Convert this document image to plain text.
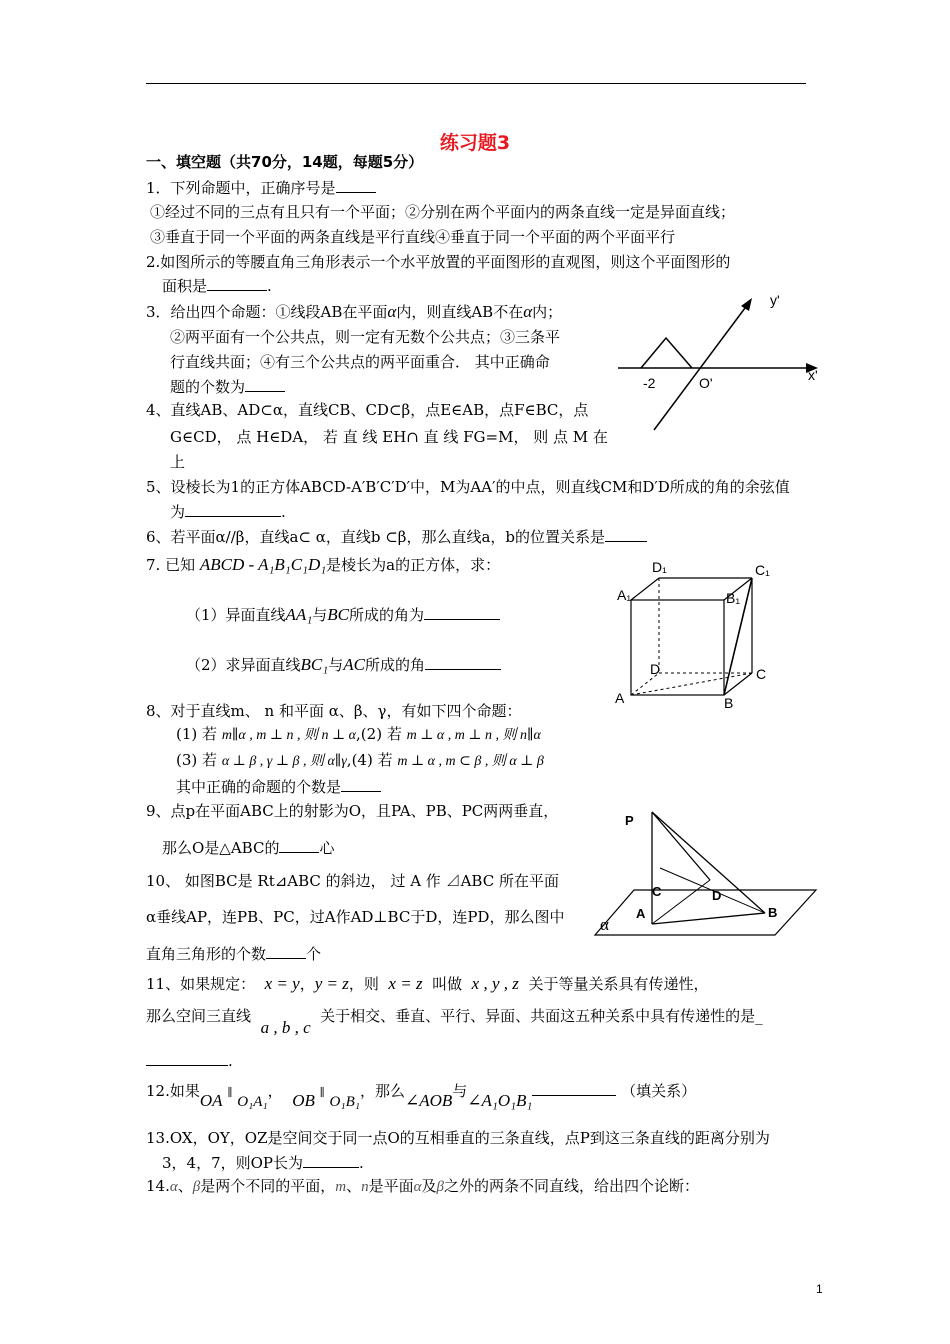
练习题3
一、填空题（共70分，14题，每题5分）
1．下列命题中，正确序号是
①经过不同的三点有且只有一个平面；②分别在两个平面内的两条直线一定是异面直线；
③垂直于同一个平面的两条直线是平行直线④垂直于同一个平面的两个平面平行
2.如图所示的等腰直角三角形表示一个水平放置的平面图形的直观图，则这个平面图形的
面积是	.
3．给出四个命题：①线段AB在平面α内，则直线AB不在α内；
②两平面有一个公共点，则一定有无数个公共点；③三条平
行直线共面；④有三个公共点的两平面重合． 其中正确命
题的个数为
y'
x'
O'
-2
4、直线AB、AD⊂α，直线CB、CD⊂β，点E∈AB，点F∈BC，点
G∈CD， 点 H∈DA， 若 直 线 EH∩ 直 线 FG=M， 则 点 M 在
上
5、设棱长为1的正方体ABCD-A′B′C′D′中，M为AA′的中点，则直线CM和D′D所成的角的余弦值
为	.
6、若平面α//β，直线a⊂ α，直线b ⊂β，那么直线a，b的位置关系是
7. 已知 ABCD - A₁B₁C₁D₁是棱长为a的正方体，求：
（1）异面直线AA₁与BC所成的角为
（2）求异面直线BC₁与AC所成的角
D₁	C₁
A₁	B₁
D	C
A	B
8、对于直线m、 n 和平面 α、β、γ，有如下四个命题：
(1) 若 m∥α , m ⊥ n , 则 n ⊥ α,(2) 若 m ⊥ α , m ⊥ n , 则 n∥α
(3) 若 α ⊥ β , γ ⊥ β , 则 α∥γ,(4) 若 m ⊥ α , m ⊂ β , 则 α ⊥ β
其中正确的命题的个数是
9、点p在平面ABC上的射影为O，且PA、PB、PC两两垂直，
那么O是△ABC的	心
P
C	D
A	B
α
10、 如图BC是 Rt⊿ABC 的斜边， 过 A 作 ⊿ABC 所在平面
α垂线AP，连PB、PC，过A作AD⊥BC于D，连PD，那么图中
直角三角形的个数	个
11、如果规定： x = y，y = z，则 x = z 叫做 x , y , z 关于等量关系具有传递性，
那么空间三直线  a , b , c  关于相交、垂直、平行、异面、共面这五种关系中具有传递性的是_
.
12.如果OA ∥ O₁A₁， OB ∥ O₁B₁，那么∠AOB与∠A₁O₁B₁	（填关系）
13.OX，OY，OZ是空间交于同一点O的互相垂直的三条直线，点P到这三条直线的距离分别为
3，4，7，则OP长为	.
14.α、β是两个不同的平面，m、n是平面α及β之外的两条不同直线，给出四个论断：
1
